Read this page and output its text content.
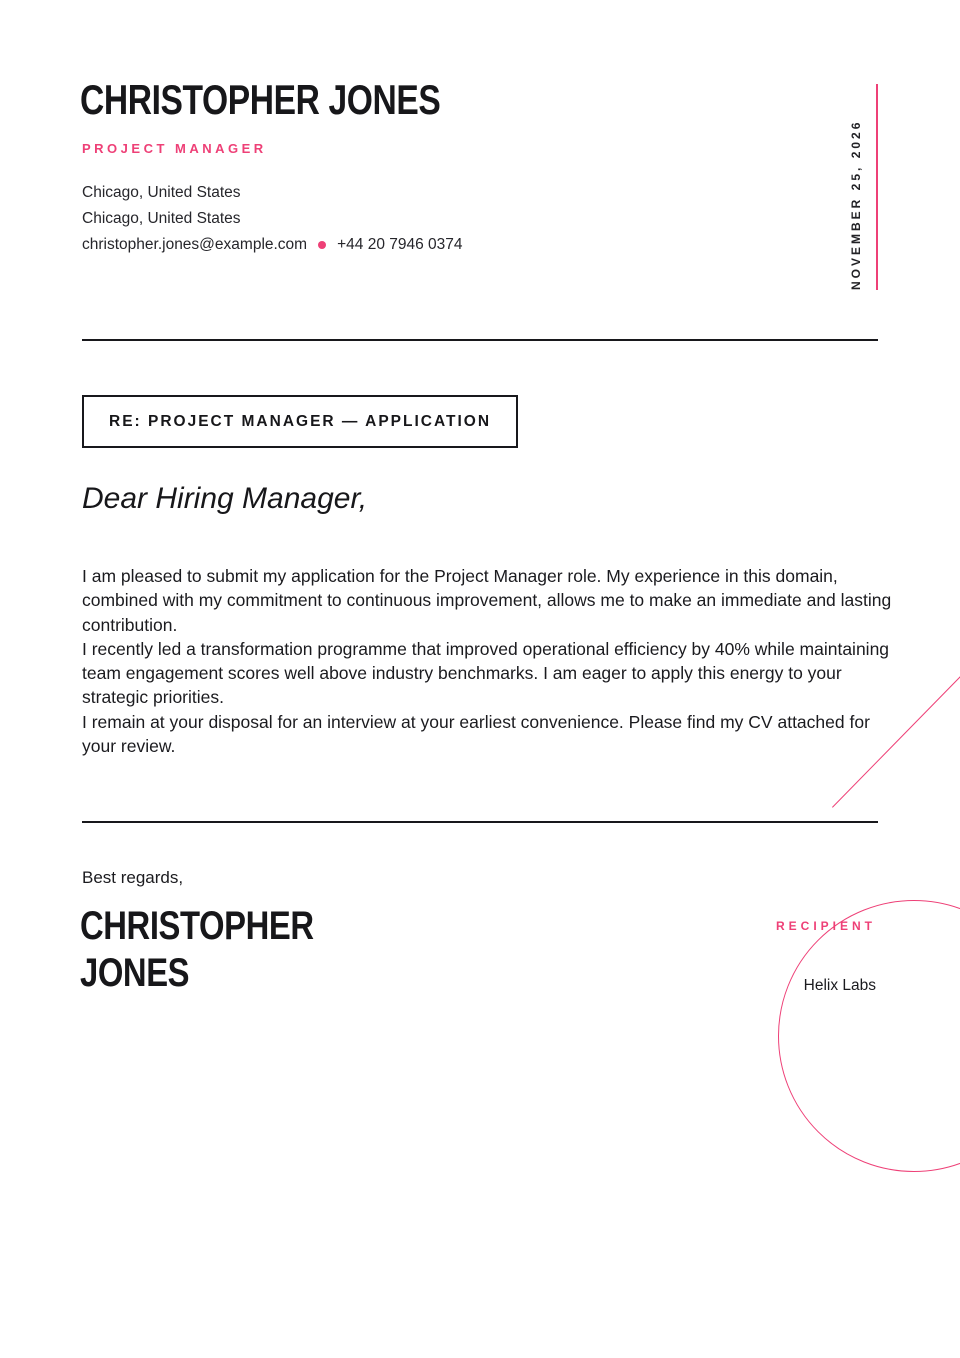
CHRISTOPHER JONES
PROJECT MANAGER
Chicago, United States
Chicago, United States
christopher.jones@example.com +44 20 7946 0374	NOVEMBER 25, 2026
RE: PROJECT MANAGER — APPLICATION
Dear Hiring Manager,

I am pleased to submit my application for the Project Manager role. My experience in this domain, combined with my commitment to continuous improvement, allows me to make an immediate and lasting contribution.

I recently led a transformation programme that improved operational efficiency by 40% while maintaining team engagement scores well above industry benchmarks. I am eager to apply this energy to your strategic priorities.

I remain at your disposal for an interview at your earliest convenience. Please find my CV attached for your review.

Best regards,
CHRISTOPHER JONES
RECIPIENT
Helix Labs
